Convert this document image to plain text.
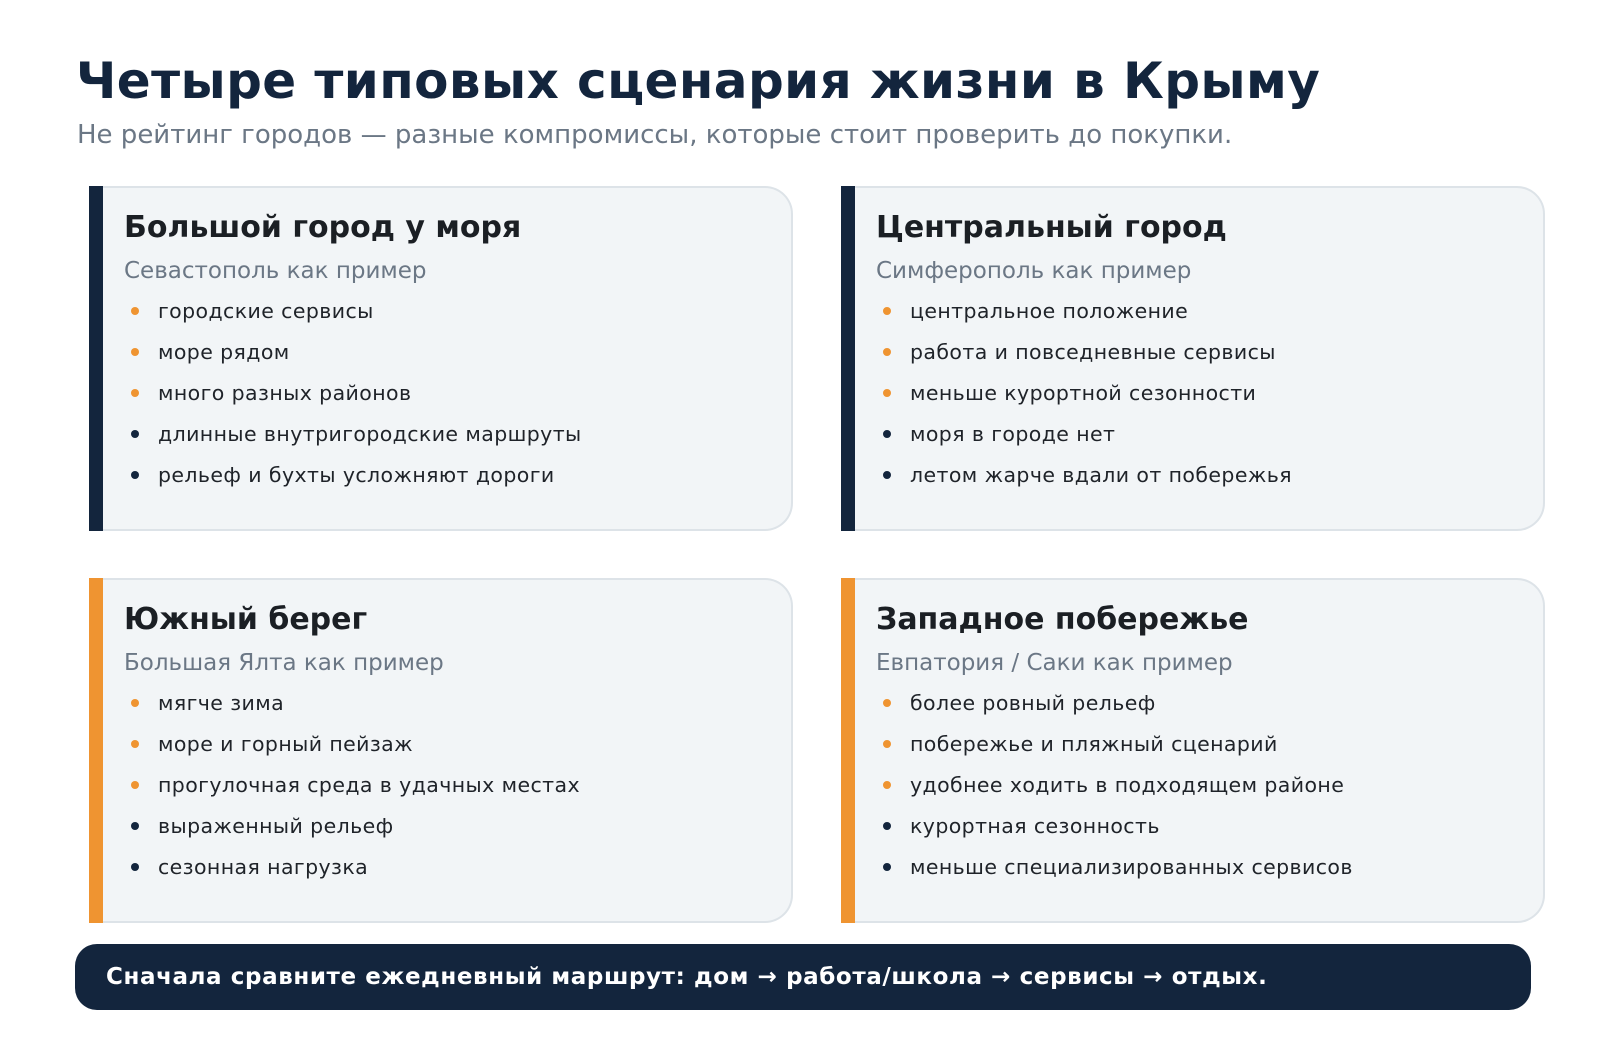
Четыре типовых сценария жизни в Крыму

Не рейтинг городов — разные компромиссы, которые стоит проверить до покупки.

Большой город у моря

Севастополь как пример

городские сервисы
море рядом
много разных районов
длинные внутригородские маршруты
рельеф и бухты усложняют дороги
Центральный город

Симферополь как пример

центральное положение
работа и повседневные сервисы
меньше курортной сезонности
моря в городе нет
летом жарче вдали от побережья
Южный берег

Большая Ялта как пример

мягче зима
море и горный пейзаж
прогулочная среда в удачных местах
выраженный рельеф
сезонная нагрузка
Западное побережье

Евпатория / Саки как пример

более ровный рельеф
побережье и пляжный сценарий
удобнее ходить в подходящем районе
курортная сезонность
меньше специализированных сервисов
Сначала сравните ежедневный маршрут: дом → работа/школа → сервисы → отдых.
